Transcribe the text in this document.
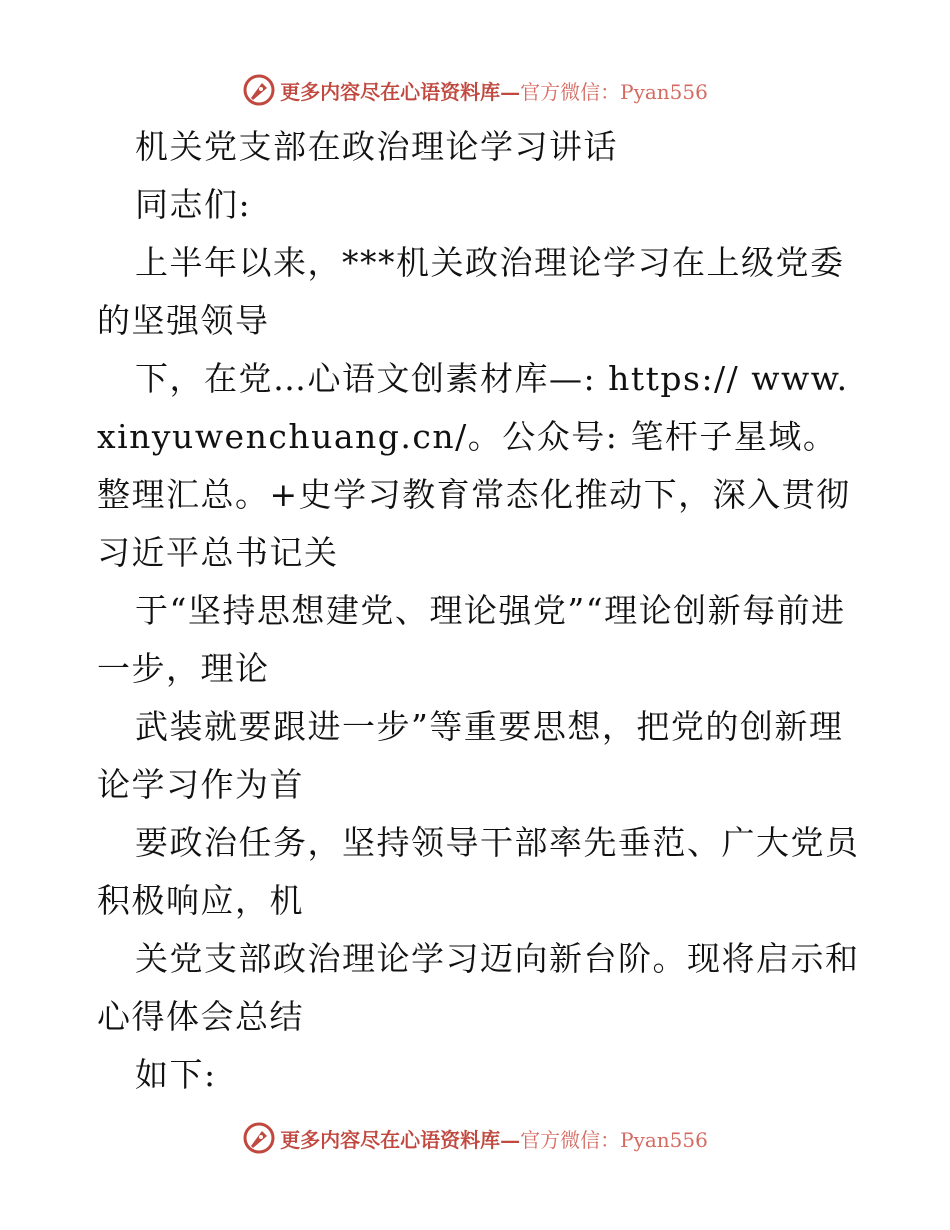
更多内容尽在心语资料库—官方微信：Pyan556

机关党支部在政治理论学习讲话

同志们:

上半年以来，***机关政治理论学习在上级党委的坚强领导

下，在党…心语文创素材库—: https:// www.xinyuwenchuang.cn/。公众号: 笔杆子星域。整理汇总。+史学习教育常态化推动下，深入贯彻习近平总书记关

于“坚持思想建党、理论强党”“理论创新每前进一步，理论

武装就要跟进一步”等重要思想，把党的创新理论学习作为首

要政治任务，坚持领导干部率先垂范、广大党员积极响应，机

关党支部政治理论学习迈向新台阶。现将启示和心得体会总结

如下:

更多内容尽在心语资料库—官方微信：Pyan556
